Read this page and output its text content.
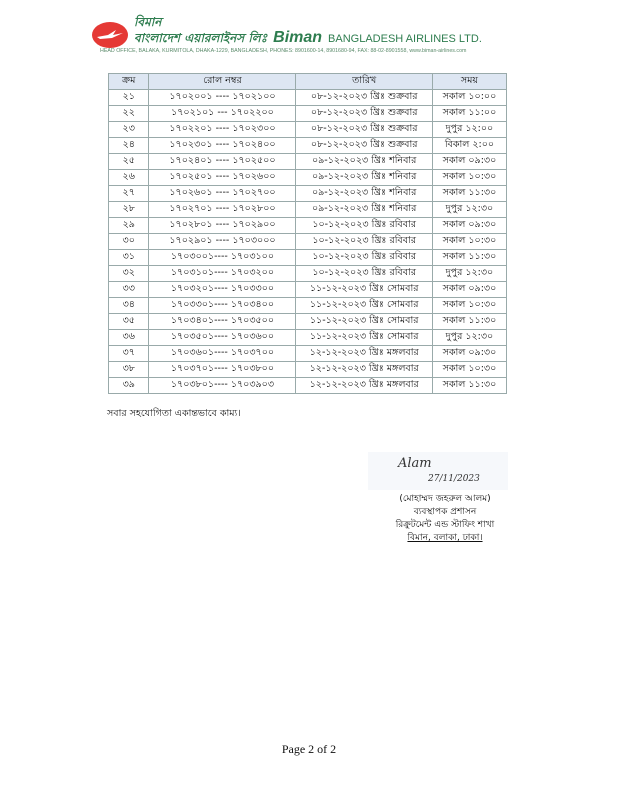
বিমান
বাংলাদেশ এয়ারলাইনস লিঃ Biman BANGLADESH AIRLINES LTD.
HEAD OFFICE, BALAKA, KURMITOLA, DHAKA-1229, BANGLADESH, PHONES: 8901600-14, 8901680-94, FAX: 88-02-8901558, www.biman-airlines.com
ক্রম	রোল নম্বর	তারিখ	সময়
২১	১৭০২০০১ ---- ১৭০২১০০	০৮-১২-২০২৩ খ্রিঃ শুক্রবার	সকাল ১০:০০
২২	১৭০২১০১ --- ১৭০২২০০	০৮-১২-২০২৩ খ্রিঃ শুক্রবার	সকাল ১১:০০
২৩	১৭০২২০১ ---- ১৭০২৩০০	০৮-১২-২০২৩ খ্রিঃ শুক্রবার	দুপুর ১২:০০
২৪	১৭০২৩০১ ---- ১৭০২৪০০	০৮-১২-২০২৩ খ্রিঃ শুক্রবার	বিকাল ২:০০
২৫	১৭০২৪০১ ---- ১৭০২৫০০	০৯-১২-২০২৩ খ্রিঃ শনিবার	সকাল ০৯:৩০
২৬	১৭০২৫০১ ---- ১৭০২৬০০	০৯-১২-২০২৩ খ্রিঃ শনিবার	সকাল ১০:৩০
২৭	১৭০২৬০১ ---- ১৭০২৭০০	০৯-১২-২০২৩ খ্রিঃ শনিবার	সকাল ১১:৩০
২৮	১৭০২৭০১ ---- ১৭০২৮০০	০৯-১২-২০২৩ খ্রিঃ শনিবার	দুপুর ১২:৩০
২৯	১৭০২৮০১ ---- ১৭০২৯০০	১০-১২-২০২৩ খ্রিঃ রবিবার	সকাল ০৯:৩০
৩০	১৭০২৯০১ ---- ১৭০৩০০০	১০-১২-২০২৩ খ্রিঃ রবিবার	সকাল ১০:৩০
৩১	১৭০৩০০১---- ১৭০৩১০০	১০-১২-২০২৩ খ্রিঃ রবিবার	সকাল ১১:৩০
৩২	১৭০৩১০১---- ১৭০৩২০০	১০-১২-২০২৩ খ্রিঃ রবিবার	দুপুর ১২:৩০
৩৩	১৭০৩২০১---- ১৭০৩৩০০	১১-১২-২০২৩ খ্রিঃ সোমবার	সকাল ০৯:৩০
৩৪	১৭০৩৩০১---- ১৭০৩৪০০	১১-১২-২০২৩ খ্রিঃ সোমবার	সকাল ১০:৩০
৩৫	১৭০৩৪০১---- ১৭০৩৫০০	১১-১২-২০২৩ খ্রিঃ সোমবার	সকাল ১১:৩০
৩৬	১৭০৩৫০১---- ১৭০৩৬০০	১১-১২-২০২৩ খ্রিঃ সোমবার	দুপুর ১২:৩০
৩৭	১৭০৩৬০১---- ১৭০৩৭০০	১২-১২-২০২৩ খ্রিঃ মঙ্গলবার	সকাল ০৯:৩০
৩৮	১৭০৩৭০১---- ১৭০৩৮০০	১২-১২-২০২৩ খ্রিঃ মঙ্গলবার	সকাল ১০:৩০
৩৯	১৭০৩৮০১---- ১৭০৩৯০৩	১২-১২-২০২৩ খ্রিঃ মঙ্গলবার	সকাল ১১:৩০
সবার সহযোগিতা একান্তভাবে কাম্য।
Alam
27/11/2023
(মোহাম্মদ জহরুল আলম)
ব্যবস্থাপক প্রশাসন
রিক্রুটমেন্ট এন্ড স্টাফিং শাখা
বিমান, বলাকা, ঢাকা।
Page 2 of 2
